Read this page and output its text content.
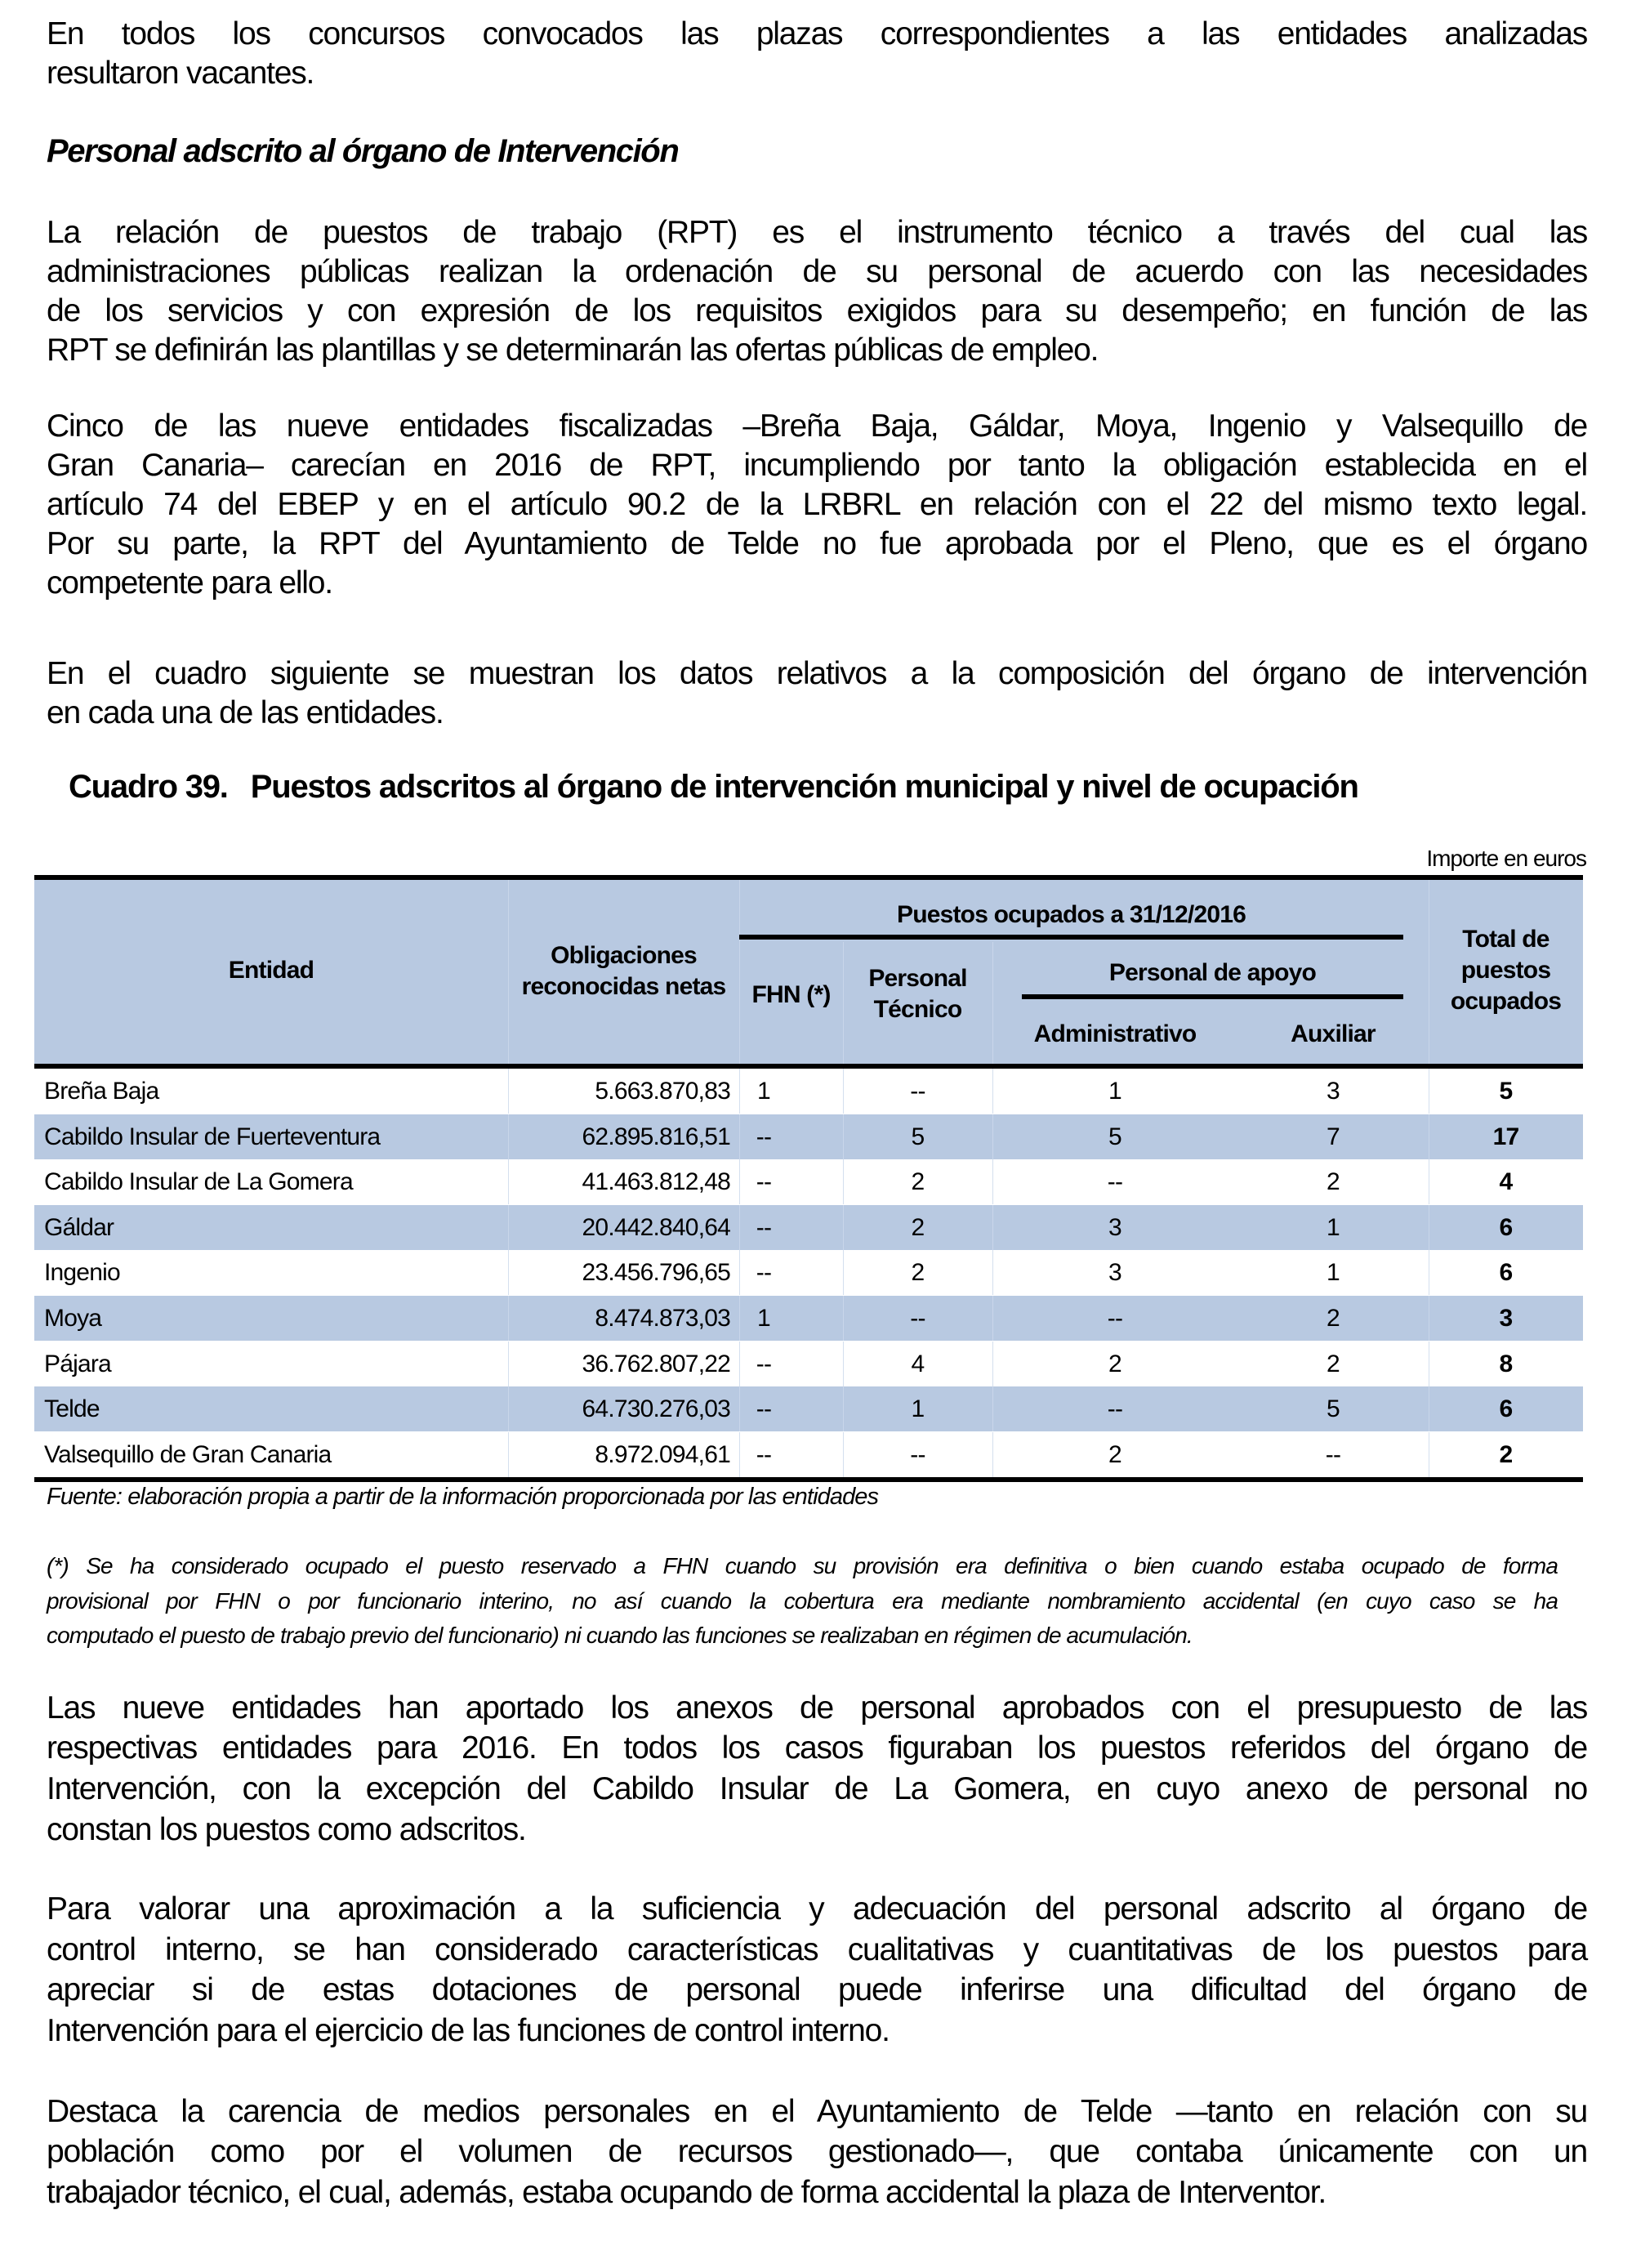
En todos los concursos convocados las plazas correspondientes a las entidades analizadas
resultaron vacantes.
Personal adscrito al órgano de Intervención
La relación de puestos de trabajo (RPT) es el instrumento técnico a través del cual las
administraciones públicas realizan la ordenación de su personal de acuerdo con las necesidades
de los servicios y con expresión de los requisitos exigidos para su desempeño; en función de las
RPT se definirán las plantillas y se determinarán las ofertas públicas de empleo.
Cinco de las nueve entidades fiscalizadas –Breña Baja, Gáldar, Moya, Ingenio y Valsequillo de
Gran Canaria– carecían en 2016 de RPT, incumpliendo por tanto la obligación establecida en el
artículo 74 del EBEP y en el artículo 90.2 de la LRBRL en relación con el 22 del mismo texto legal.
Por su parte, la RPT del Ayuntamiento de Telde no fue aprobada por el Pleno, que es el órgano
competente para ello.
En el cuadro siguiente se muestran los datos relativos a la composición del órgano de intervención
en cada una de las entidades.
Cuadro 39. Puestos adscritos al órgano de intervención municipal y nivel de ocupación
Importe en euros
Entidad
Obligaciones
reconocidas netas
Puestos ocupados a 31/12/2016
FHN (*)
Personal
Técnico
Personal de apoyo
Administrativo	Auxiliar
Total de
puestos
ocupados
Breña Baja	5.663.870,83	1	--	1	3	5
Cabildo Insular de Fuerteventura	62.895.816,51	--	5	5	7	17
Cabildo Insular de La Gomera	41.463.812,48	--	2	--	2	4
Gáldar	20.442.840,64	--	2	3	1	6
Ingenio	23.456.796,65	--	2	3	1	6
Moya	8.474.873,03	1	--	--	2	3
Pájara	36.762.807,22	--	4	2	2	8
Telde	64.730.276,03	--	1	--	5	6
Valsequillo de Gran Canaria	8.972.094,61	--	--	2	--	2
Fuente: elaboración propia a partir de la información proporcionada por las entidades
(*) Se ha considerado ocupado el puesto reservado a FHN cuando su provisión era definitiva o bien cuando estaba ocupado de forma
provisional por FHN o por funcionario interino, no así cuando la cobertura era mediante nombramiento accidental (en cuyo caso se ha
computado el puesto de trabajo previo del funcionario) ni cuando las funciones se realizaban en régimen de acumulación.
Las nueve entidades han aportado los anexos de personal aprobados con el presupuesto de las
respectivas entidades para 2016. En todos los casos figuraban los puestos referidos del órgano de
Intervención, con la excepción del Cabildo Insular de La Gomera, en cuyo anexo de personal no
constan los puestos como adscritos.
Para valorar una aproximación a la suficiencia y adecuación del personal adscrito al órgano de
control interno, se han considerado características cualitativas y cuantitativas de los puestos para
apreciar si de estas dotaciones de personal puede inferirse una dificultad del órgano de
Intervención para el ejercicio de las funciones de control interno.
Destaca la carencia de medios personales en el Ayuntamiento de Telde —tanto en relación con su
población como por el volumen de recursos gestionado—, que contaba únicamente con un
trabajador técnico, el cual, además, estaba ocupando de forma accidental la plaza de Interventor.
